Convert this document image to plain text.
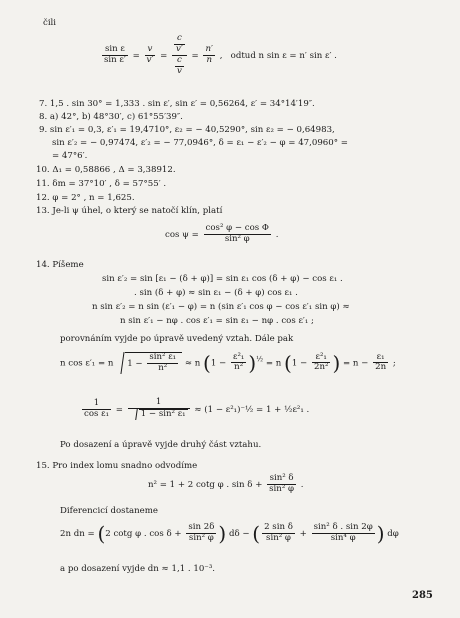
čili
$\frac{\text{sin ε}}{\text{sin ε′}} = \frac{v}{v'} = \frac{\frac{c}{v'}}{\frac{c}{v}} = \frac{n'}{n}$ ,   odtud n sin ε = n′ sin ε′ .
7. 1,5 . sin 30° = 1,333 . sin ε′, sin ε′ = 0,56264, ε′ = 34°14′19″.
8. a) 42°, b) 48°30′, c) 61°55′39″.
9. sin ε′₁ = 0,3, ε′₁ = 19,4710°, ε₂ = − 40,5290°, sin ε₂ = − 0,64983,
sin ε′₂ = − 0,97474, ε′₂ = − 77,0946°, δ = ε₁ − ε′₂ − φ = 47,0960° =
= 47°6′.
10. Δ₁ = 0,58866 , Δ = 3,38912.
11. δm = 37°10′ , δ = 57°55′ .
12. φ = 2° , n = 1,625.
13. Je-li ψ úhel, o který se natočí klín, platí
$\cos \psi = \frac{\text{cos² φ − cos Φ}}{\text{sin² φ}}$ .
14. Píšeme
sin ε′₂ = sin [ε₁ − (δ + φ)] = sin ε₁ cos (δ + φ) − cos ε₁ .
. sin (δ + φ) ≈ sin ε₁ − (δ + φ) cos ε₁ .
n sin ε′₂ = n sin (ε′₁ − φ) = n (sin ε′₁ cos φ − cos ε′₁ sin φ) ≈
n sin ε′₁ − nφ . cos ε′₁ = sin ε₁ − nφ . cos ε′₁ ;
porovnáním vyjde po úpravě uvedený vztah. Dále pak
n cos ε′₁ = n $1 - \frac{\text{sin² ε₁}}{\text{n²}} \approx n$ $(1 - \frac{\text{ε²₁}}{\text{n²}} )^{\frac{1}{2}} = n$ ($1 - \frac{\text{ε²₁}}{\text{2n²}}$ ) = $n - \frac{\text{ε₁}}{2n}$ ;
$\frac{1}{\text{cos ε₁}} = \frac{1}{\text{1 − sin² ε₁}} \approx (1$ − ε²₁)⁻½ = 1 + ½ε²₁ .
Po dosazení a úpravě vyjde druhý část vztahu.
15. Pro index lomu snadno odvodíme
n² = 1 + 2 cotg φ . $\sin \delta + \frac{\text{sin² δ}}{\text{sin² φ}}$ .
Diferencicí dostaneme
2n dn = (2 cotg φ . $\cos \delta + \frac{\sin 2\delta}{\text{sin² φ}}$ ) dδ − ( $\frac{\text{2 sin δ}}{\text{sin² φ}} + \frac{\text{sin² δ . sin 2φ}}{\text{sin⁴ φ}}$ ) dφ
a po dosazení vyjde dn ≈ 1,1 . 10⁻³.
285
